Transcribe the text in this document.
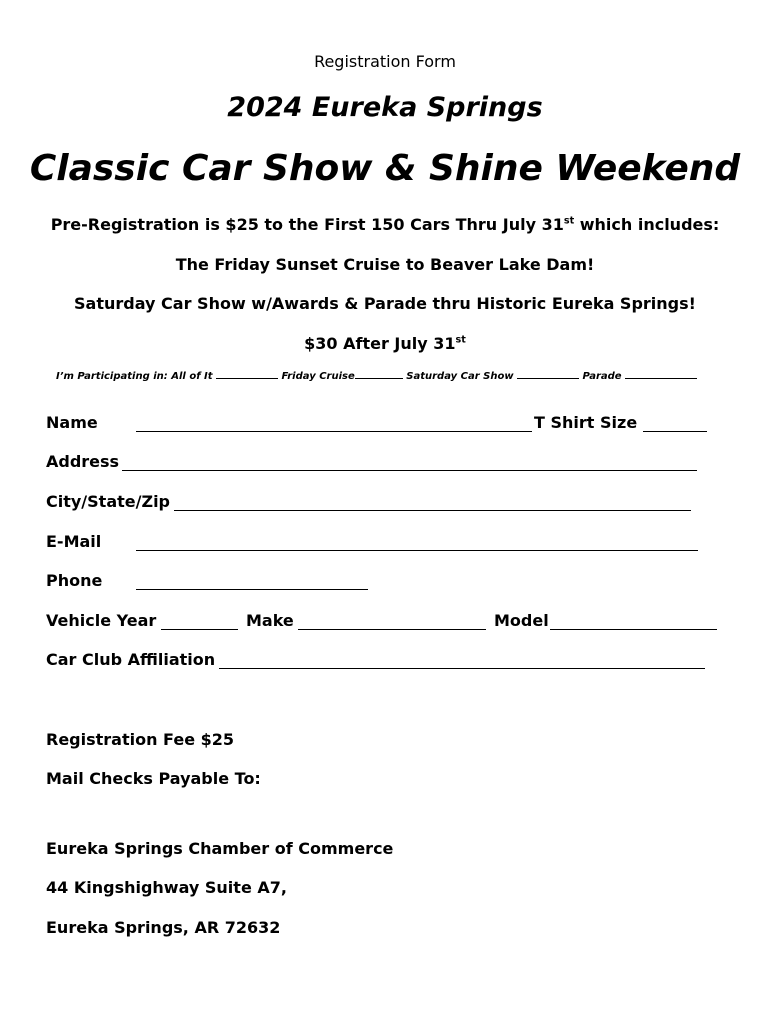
Registration Form
2024 Eureka Springs
Classic Car Show & Shine Weekend
Pre-Registration is $25 to the First 150 Cars Thru July 31st which includes:
The Friday Sunset Cruise to Beaver Lake Dam!
Saturday Car Show w/Awards & Parade thru Historic Eureka Springs!
$30 After July 31st
I’m Participating in: All of It	Friday Cruise	Saturday Car Show	Parade
Name	T Shirt Size
Address
City/State/Zip
E-Mail
Phone
Vehicle Year	Make	Model
Car Club Affiliation
Registration Fee $25
Mail Checks Payable To:
Eureka Springs Chamber of Commerce
44 Kingshighway Suite A7,
Eureka Springs, AR 72632
